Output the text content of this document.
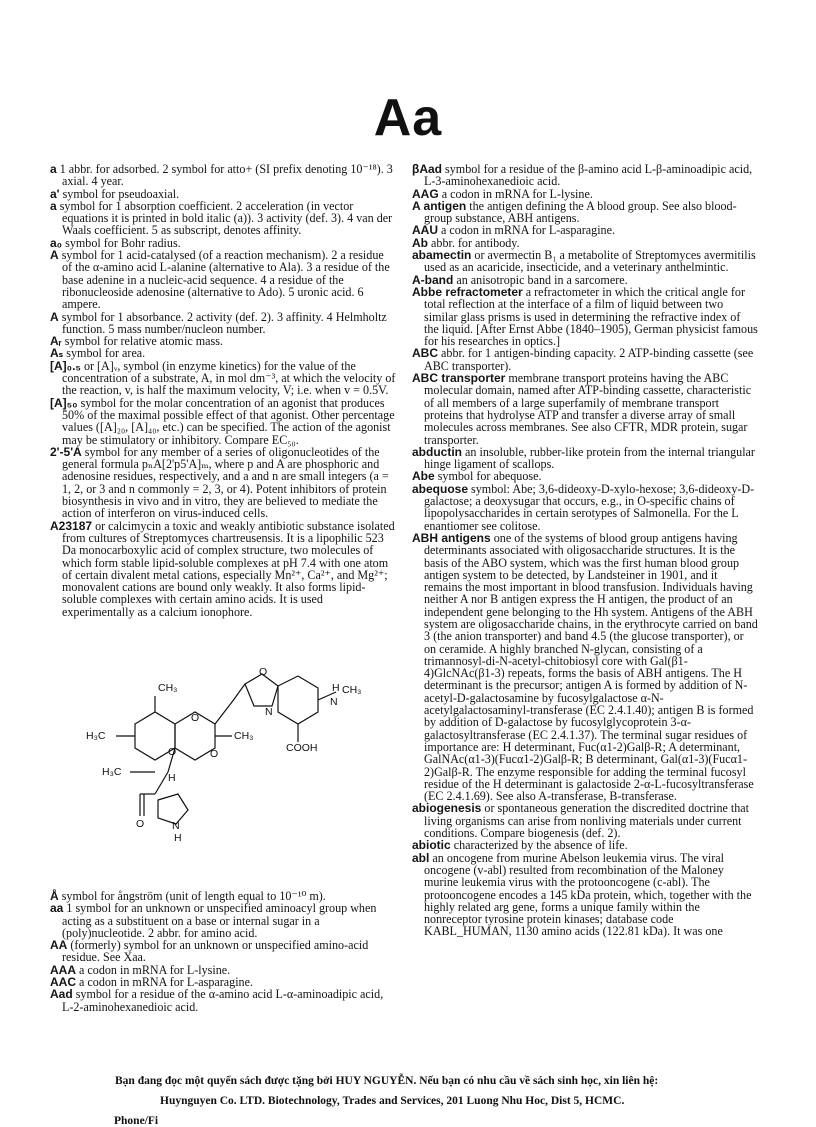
Aa

a 1 abbr. for adsorbed. 2 symbol for atto+ (SI prefix denoting 10⁻¹⁸). 3 axial. 4 year.

a' symbol for pseudoaxial.

a symbol for 1 absorption coefficient. 2 acceleration (in vector equations it is printed in bold italic (a)). 3 activity (def. 3). 4 van der Waals coefficient. 5 as subscript, denotes affinity.

a₀ symbol for Bohr radius.

A symbol for 1 acid-catalysed (of a reaction mechanism). 2 a residue of the α-amino acid L-alanine (alternative to Ala). 3 a residue of the base adenine in a nucleic-acid sequence. 4 a residue of the ribonucleoside adenosine (alternative to Ado). 5 uronic acid. 6 ampere.

A symbol for 1 absorbance. 2 activity (def. 2). 3 affinity. 4 Helmholtz function. 5 mass number/nucleon number.

Aᵣ symbol for relative atomic mass.

Aₛ symbol for area.

[A]₀.₅ or [A]ᵥ, symbol (in enzyme kinetics) for the value of the concentration of a substrate, A, in mol dm⁻³, at which the velocity of the reaction, v, is half the maximum velocity, V; i.e. when v = 0.5V.

[A]₅₀ symbol for the molar concentration of an agonist that produces 50% of the maximal possible effect of that agonist. Other percentage values ([A]₂₀, [A]₄₀, etc.) can be specified. The action of the agonist may be stimulatory or inhibitory. Compare EC₅₀.

2'-5'A symbol for any member of a series of oligonucleotides of the general formula pₙA[2'p5'A]ₘ, where p and A are phosphoric and adenosine residues, respectively, and a and n are small integers (a = 1, 2, or 3 and n commonly = 2, 3, or 4). Potent inhibitors of protein biosynthesis in vivo and in vitro, they are believed to mediate the action of interferon on virus-induced cells.

A23187 or calcimycin a toxic and weakly antibiotic substance isolated from cultures of Streptomyces chartreusensis. It is a lipophilic 523 Da monocarboxylic acid of complex structure, two molecules of which form stable lipid-soluble complexes at pH 7.4 with one atom of certain divalent metal cations, especially Mn²⁺, Ca²⁺, and Mg²⁺; monovalent cations are bound only weakly. It also forms lipid-soluble complexes with certain amino acids. It is used experimentally as a calcium ionophore.

CH₃
H₃C	CH₃
H₃C
O
O	O
H
N
H
O
N
COOH
N
H CH₃
O

Å symbol for ångström (unit of length equal to 10⁻¹⁰ m).

aa 1 symbol for an unknown or unspecified aminoacyl group when acting as a substituent on a base or internal sugar in a (poly)nucleotide. 2 abbr. for amino acid.

AA (formerly) symbol for an unknown or unspecified amino-acid residue. See Xaa.

AAA a codon in mRNA for L-lysine.

AAC a codon in mRNA for L-asparagine.

Aad symbol for a residue of the α-amino acid L-α-aminoadipic acid, L-2-aminohexanedioic acid.

βAad symbol for a residue of the β-amino acid L-β-aminoadipic acid, L-3-aminohexanedioic acid.

AAG a codon in mRNA for L-lysine.

A antigen the antigen defining the A blood group. See also blood-group substance, ABH antigens.

AAU a codon in mRNA for L-asparagine.

Ab abbr. for antibody.

abamectin or avermectin B₁ a metabolite of Streptomyces avermitilis used as an acaricide, insecticide, and a veterinary anthelmintic.

A-band an anisotropic band in a sarcomere.

Abbe refractometer a refractometer in which the critical angle for total reflection at the interface of a film of liquid between two similar glass prisms is used in determining the refractive index of the liquid. [After Ernst Abbe (1840–1905), German physicist famous for his researches in optics.]

ABC abbr. for 1 antigen-binding capacity. 2 ATP-binding cassette (see ABC transporter).

ABC transporter membrane transport proteins having the ABC molecular domain, named after ATP-binding cassette, characteristic of all members of a large superfamily of membrane transport proteins that hydrolyse ATP and transfer a diverse array of small molecules across membranes. See also CFTR, MDR protein, sugar transporter.

abductin an insoluble, rubber-like protein from the internal triangular hinge ligament of scallops.

Abe symbol for abequose.

abequose symbol: Abe; 3,6-dideoxy-D-xylo-hexose; 3,6-dideoxy-D-galactose; a deoxysugar that occurs, e.g., in O-specific chains of lipopolysaccharides in certain serotypes of Salmonella. For the L enantiomer see colitose.

ABH antigens one of the systems of blood group antigens having determinants associated with oligosaccharide structures. It is the basis of the ABO system, which was the first human blood group antigen system to be detected, by Landsteiner in 1901, and it remains the most important in blood transfusion. Individuals having neither A nor B antigen express the H antigen, the product of an independent gene belonging to the Hh system. Antigens of the ABH system are oligosaccharide chains, in the erythrocyte carried on band 3 (the anion transporter) and band 4.5 (the glucose transporter), or on ceramide. A highly branched N-glycan, consisting of a trimannosyl-di-N-acetyl-chitobiosyl core with Gal(β1-4)GlcNAc(β1-3) repeats, forms the basis of ABH antigens. The H determinant is the precursor; antigen A is formed by addition of N-acetyl-D-galactosamine by fucosylgalactose α-N-acetylgalactosaminyl-transferase (EC 2.4.1.40); antigen B is formed by addition of D-galactose by fucosylglycoprotein 3-α-galactosyltransferase (EC 2.4.1.37). The terminal sugar residues of importance are: H determinant, Fuc(α1-2)Galβ-R; A determinant, GalNAc(α1-3)(Fucα1-2)Galβ-R; B determinant, Gal(α1-3)(Fucα1-2)Galβ-R. The enzyme responsible for adding the terminal fucosyl residue of the H determinant is galactoside 2-α-L-fucosyltransferase (EC 2.4.1.69). See also A-transferase, B-transferase.

abiogenesis or spontaneous generation the discredited doctrine that living organisms can arise from nonliving materials under current conditions. Compare biogenesis (def. 2).

abiotic characterized by the absence of life.

abl an oncogene from murine Abelson leukemia virus. The viral oncogene (v-abl) resulted from recombination of the Maloney murine leukemia virus with the protooncogene (c-abl). The protooncogene encodes a 145 kDa protein, which, together with the highly related arg gene, forms a unique family within the nonreceptor tyrosine protein kinases; database code KABL_HUMAN, 1130 amino acids (122.81 kDa). It was one

Bạn đang đọc một quyển sách được tặng bởi HUY NGUYỄN. Nếu bạn có nhu cầu về sách sinh học, xin liên hệ:
Huynguyen Co. LTD. Biotechnology, Trades and Services, 201 Luong Nhu Hoc, Dist 5, HCMC.
Phone/Fi
